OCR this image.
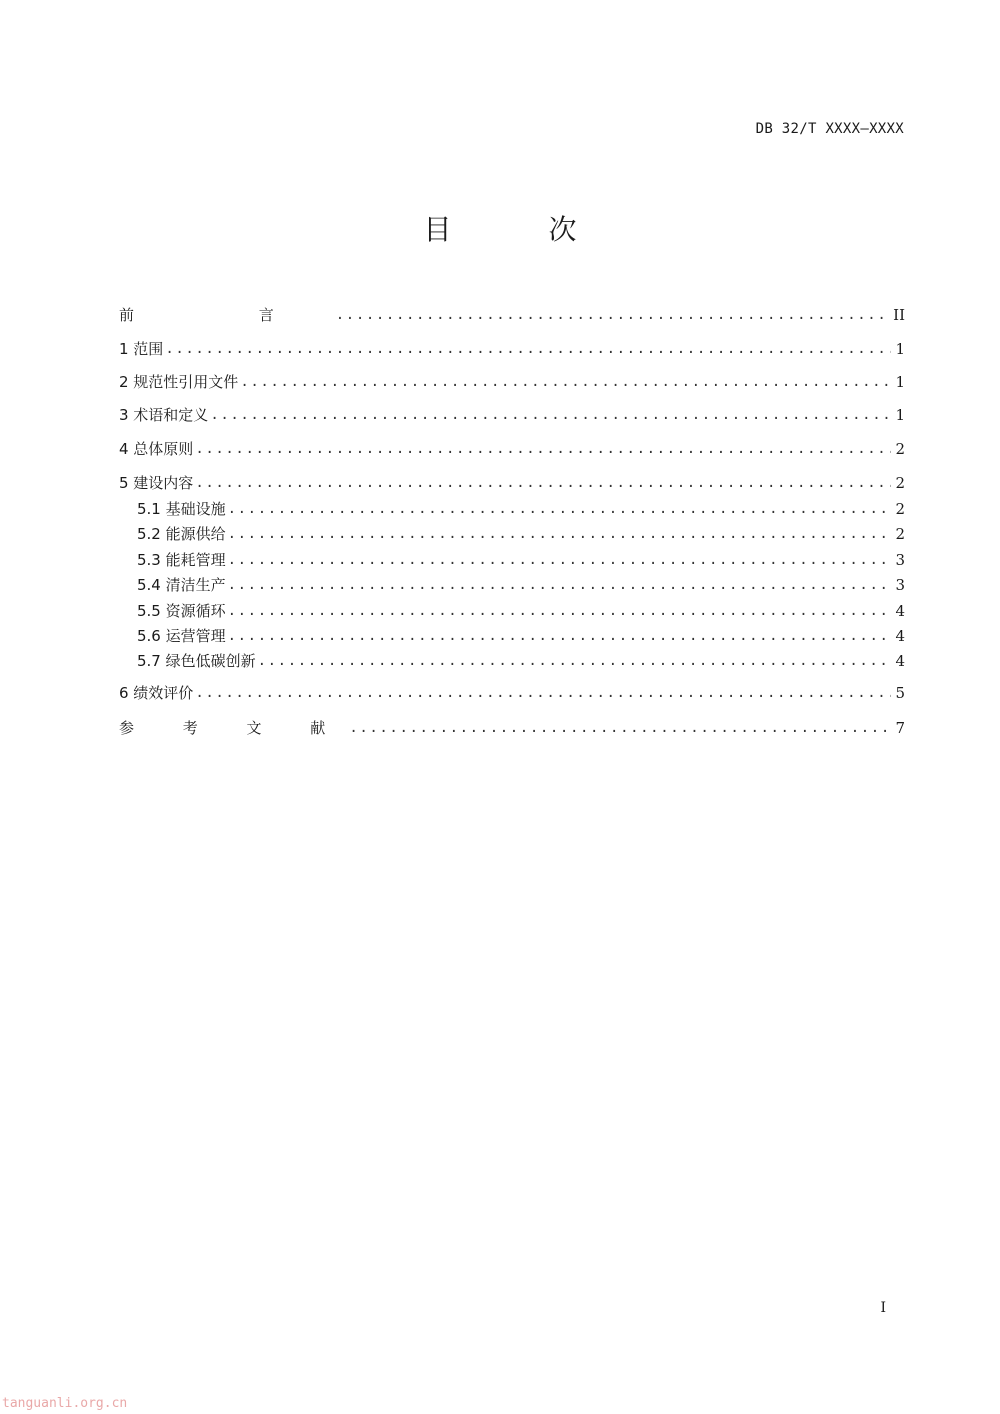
DB 32/T XXXX—XXXX
目 次
前 言 .....	II
1 范围 .....	1
2 规范性引用文件 .....	1
3 术语和定义 .....	1
4 总体原则 .....	2
5 建设内容 .....	2
5.1 基础设施 .....	2
5.2 能源供给 .....	2
5.3 能耗管理 .....	3
5.4 清洁生产 .....	3
5.5 资源循环 .....	4
5.6 运营管理 .....	4
5.7 绿色低碳创新 .....	4
6 绩效评价 .....	5
参 考 文 献 .....	7
I
tanguanli.org.cn
